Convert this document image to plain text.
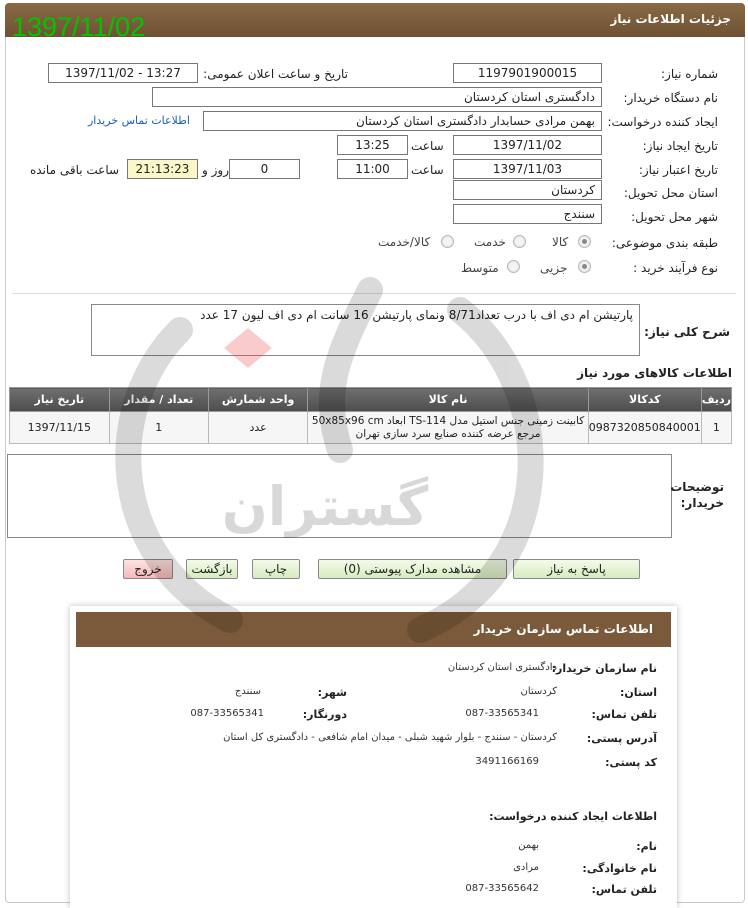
جزئیات اطلاعات نیاز
1397/11/02
شماره نیاز:
1197901900015
تاریخ و ساعت اعلان عمومی:
1397/11/02 - 13:27
نام دستگاه خریدار:
دادگستری استان کردستان
ایجاد کننده درخواست:
بهمن مرادی حسابدار دادگستری استان کردستان
اطلاعات تماس خریدار
تاریخ ایجاد نیاز:
1397/11/02
ساعت
13:25
تاریخ اعتبار نیاز:
1397/11/03
ساعت
11:00
0
روز و
21:13:23
ساعت باقی مانده
استان محل تحویل:
کردستان
شهر محل تحویل:
سنندج
طبقه بندی موضوعی:
کالا
خدمت
کالا/خدمت
نوع فرآیند خرید :
جزیی
متوسط
پارتیشن ام دی اف با درب تعداد8/71 ونمای پارتیشن 16 سانت ام دی اف لیون 17 عدد
شرح کلی نیاز:
اطلاعات کالاهای مورد نیاز
ردیف	کدکالا	نام کالا	واحد شمارش	تعداد / مقدار	تاریخ نیاز
1	0987320850840001	کابینت زمینی جنس استیل مدل TS-114 ابعاد 50x85x96 cm مرجع عرضه کننده صنایع سرد سازی تهران	عدد	1	1397/11/15
توضیحات خریدار:
پاسخ به نیاز
مشاهده مدارک پیوستی (0)
چاپ
بازگشت
خروج
اطلاعات تماس سازمان خریدار
نام سازمان خریدار:
دادگستری استان کردستان
استان:
کردستان
شهر:
سنندج
تلفن تماس:
087-33565341
دورنگار:
087-33565341
آدرس پستی:
کردستان - سنندج - بلوار شهید شبلی - میدان امام شافعی - دادگستری کل استان
کد پستی:
3491166169
اطلاعات ایجاد کننده درخواست:
نام:
بهمن
نام خانوادگی:
مرادی
تلفن تماس:
087-33565642
